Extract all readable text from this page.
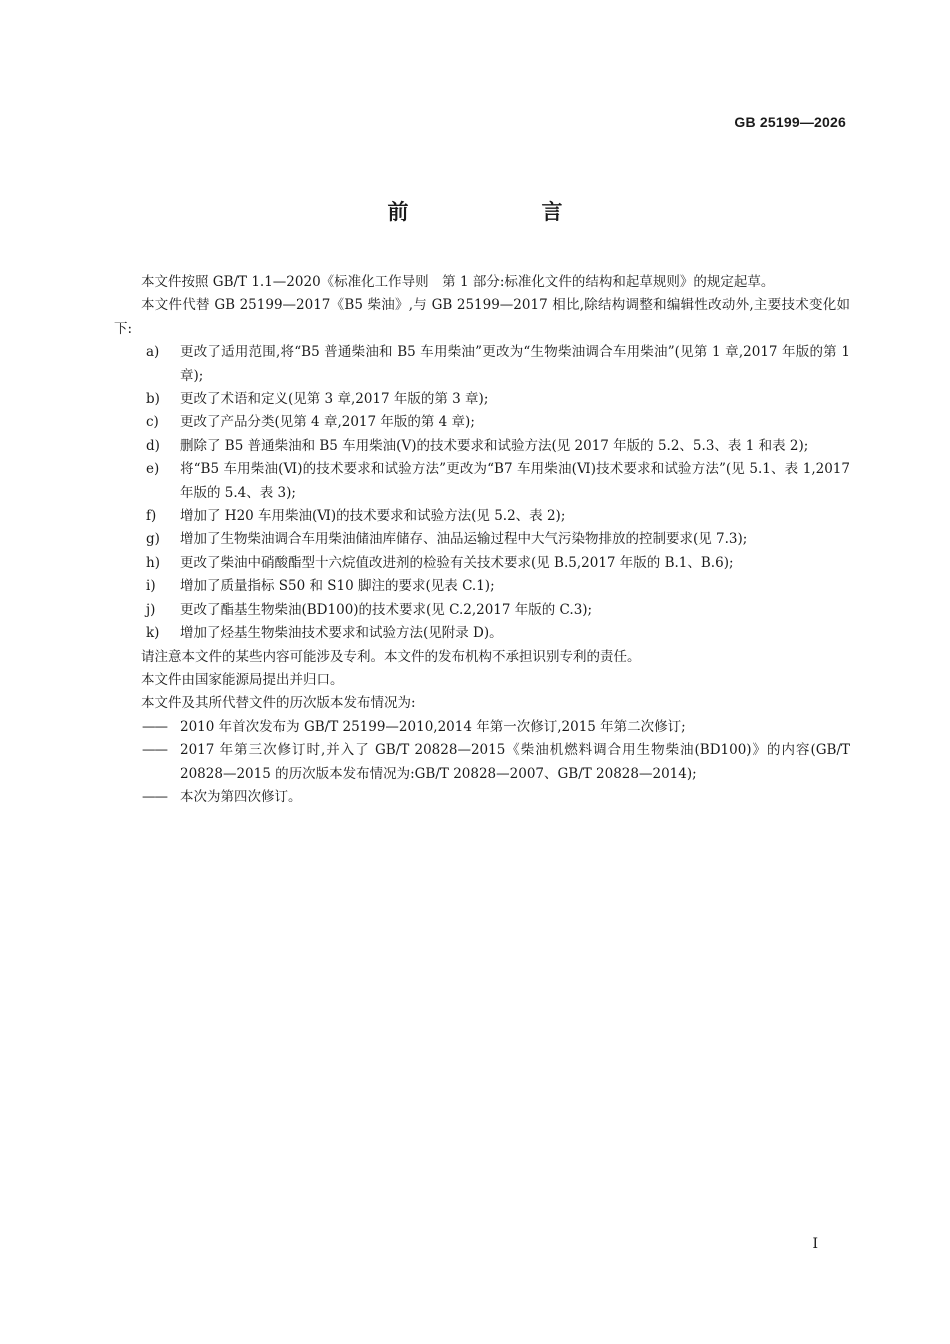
GB 25199—2026
前　言

本文件按照 GB/T 1.1—2020《标准化工作导则　第 1 部分:标准化文件的结构和起草规则》的规定起草。

本文件代替 GB 25199—2017《B5 柴油》,与 GB 25199—2017 相比,除结构调整和编辑性改动外,主要技术变化如下:

a) 更改了适用范围,将“B5 普通柴油和 B5 车用柴油”更改为“生物柴油调合车用柴油”(见第 1 章,2017 年版的第 1 章);

b) 更改了术语和定义(见第 3 章,2017 年版的第 3 章);

c) 更改了产品分类(见第 4 章,2017 年版的第 4 章);

d) 删除了 B5 普通柴油和 B5 车用柴油(Ⅴ)的技术要求和试验方法(见 2017 年版的 5.2、5.3、表 1 和表 2);

e) 将“B5 车用柴油(Ⅵ)的技术要求和试验方法”更改为“B7 车用柴油(Ⅵ)技术要求和试验方法”(见 5.1、表 1,2017 年版的 5.4、表 3);

f) 增加了 H20 车用柴油(Ⅵ)的技术要求和试验方法(见 5.2、表 2);

g) 增加了生物柴油调合车用柴油储油库储存、油品运输过程中大气污染物排放的控制要求(见 7.3);

h) 更改了柴油中硝酸酯型十六烷值改进剂的检验有关技术要求(见 B.5,2017 年版的 B.1、B.6);

i) 增加了质量指标 S50 和 S10 脚注的要求(见表 C.1);

j) 更改了酯基生物柴油(BD100)的技术要求(见 C.2,2017 年版的 C.3);

k) 增加了烃基生物柴油技术要求和试验方法(见附录 D)。

请注意本文件的某些内容可能涉及专利。本文件的发布机构不承担识别专利的责任。

本文件由国家能源局提出并归口。

本文件及其所代替文件的历次版本发布情况为:

—— 2010 年首次发布为 GB/T 25199—2010,2014 年第一次修订,2015 年第二次修订;

—— 2017 年第三次修订时,并入了 GB/T 20828—2015《柴油机燃料调合用生物柴油(BD100)》的内容(GB/T 20828—2015 的历次版本发布情况为:GB/T 20828—2007、GB/T 20828—2014);

—— 本次为第四次修订。

I
